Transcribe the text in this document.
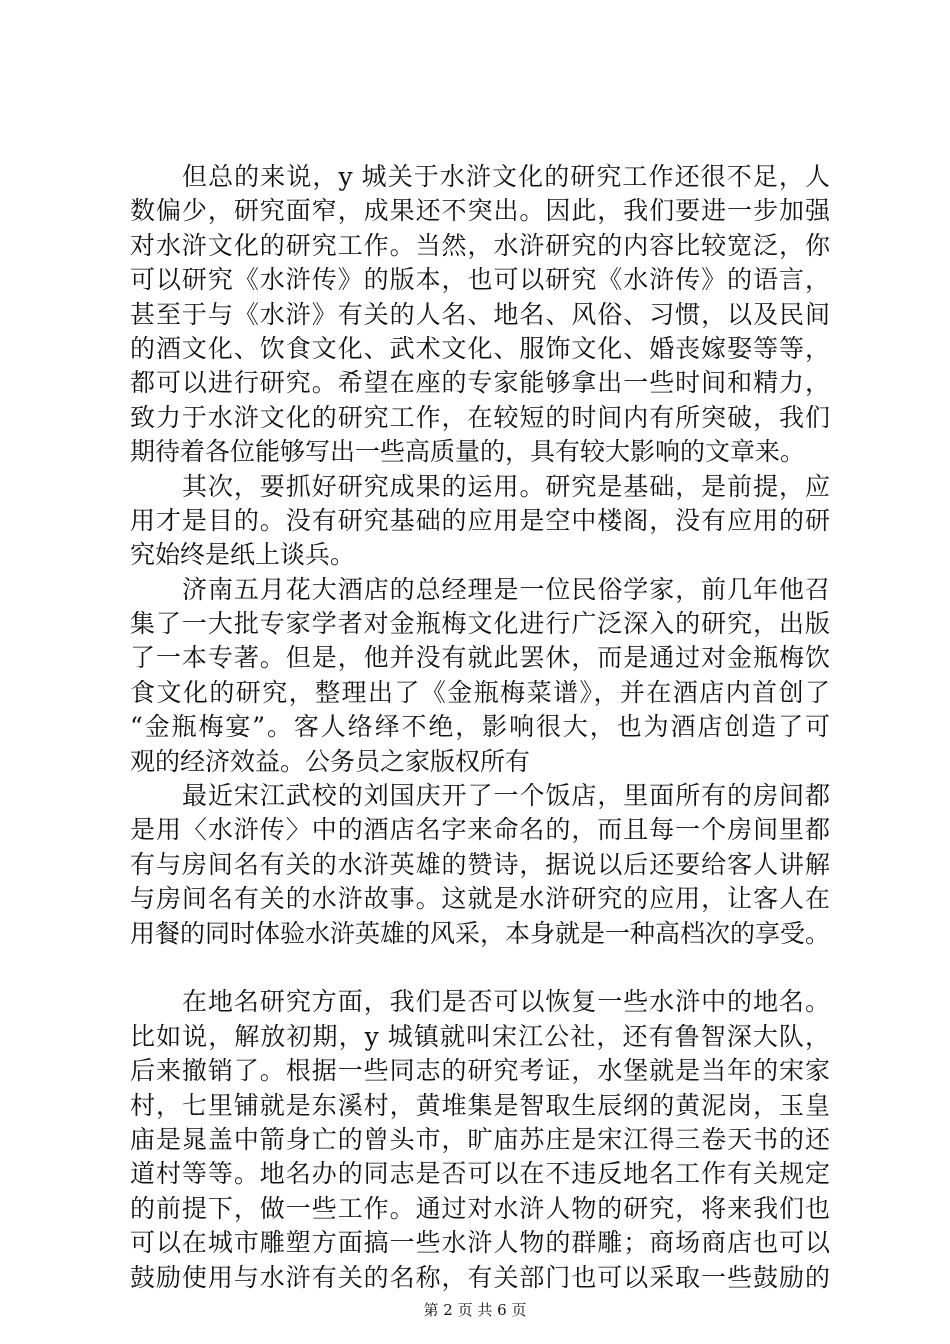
但总的来说，y 城关于水浒文化的研究工作还很不足，人
数偏少，研究面窄，成果还不突出。因此，我们要进一步加强
对水浒文化的研究工作。当然，水浒研究的内容比较宽泛，你
可以研究《水浒传》的版本，也可以研究《水浒传》的语言，
甚至于与《水浒》有关的人名、地名、风俗、习惯，以及民间
的酒文化、饮食文化、武术文化、服饰文化、婚丧嫁娶等等，
都可以进行研究。希望在座的专家能够拿出一些时间和精力，
致力于水浒文化的研究工作，在较短的时间内有所突破，我们
期待着各位能够写出一些高质量的，具有较大影响的文章来。
其次，要抓好研究成果的运用。研究是基础，是前提，应
用才是目的。没有研究基础的应用是空中楼阁，没有应用的研
究始终是纸上谈兵。
济南五月花大酒店的总经理是一位民俗学家，前几年他召
集了一大批专家学者对金瓶梅文化进行广泛深入的研究，出版
了一本专著。但是，他并没有就此罢休，而是通过对金瓶梅饮
食文化的研究，整理出了《金瓶梅菜谱》，并在酒店内首创了
“金瓶梅宴”。客人络绎不绝，影响很大，也为酒店创造了可
观的经济效益。公务员之家版权所有
最近宋江武校的刘国庆开了一个饭店，里面所有的房间都
是用〈水浒传〉中的酒店名字来命名的，而且每一个房间里都
有与房间名有关的水浒英雄的赞诗，据说以后还要给客人讲解
与房间名有关的水浒故事。这就是水浒研究的应用，让客人在
用餐的同时体验水浒英雄的风采，本身就是一种高档次的享受。
在地名研究方面，我们是否可以恢复一些水浒中的地名。
比如说，解放初期，y 城镇就叫宋江公社，还有鲁智深大队，
后来撤销了。根据一些同志的研究考证，水堡就是当年的宋家
村，七里铺就是东溪村，黄堆集是智取生辰纲的黄泥岗，玉皇
庙是晁盖中箭身亡的曾头市，旷庙苏庄是宋江得三卷天书的还
道村等等。地名办的同志是否可以在不违反地名工作有关规定
的前提下，做一些工作。通过对水浒人物的研究，将来我们也
可以在城市雕塑方面搞一些水浒人物的群雕；商场商店也可以
鼓励使用与水浒有关的名称，有关部门也可以采取一些鼓励的
第 2 页 共 6 页
